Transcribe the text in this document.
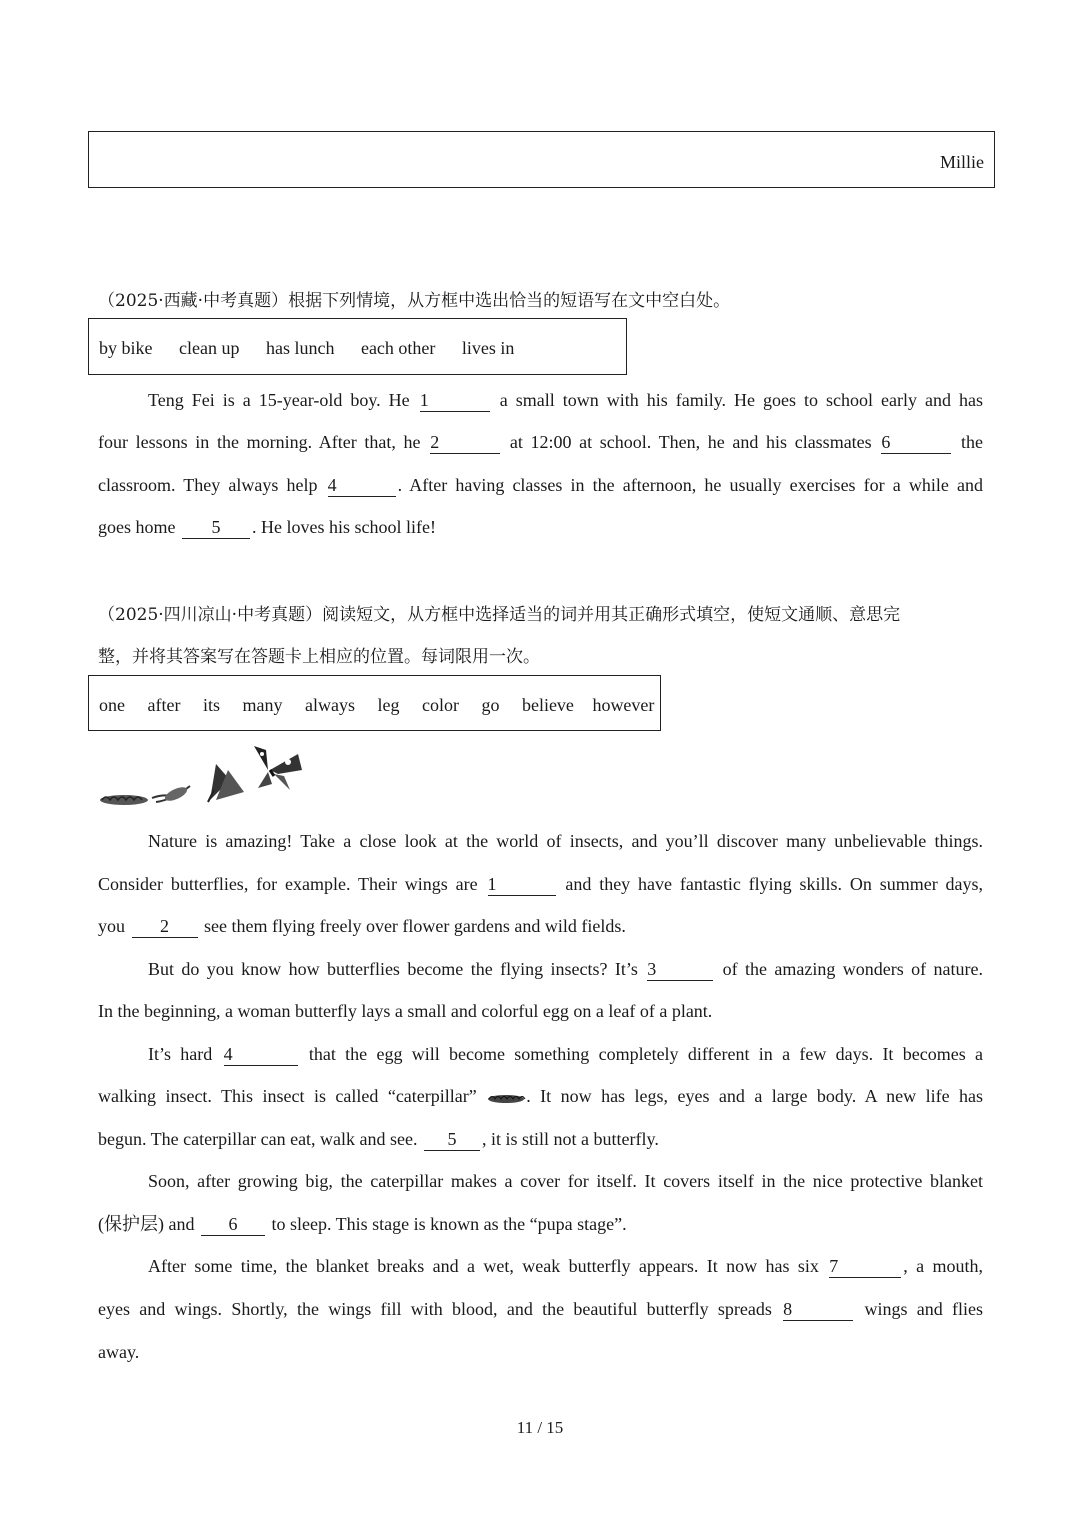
Millie
（2025·西藏·中考真题）根据下列情境，从方框中选出恰当的短语写在文中空白处。
by bike clean up has lunch each other lives in
Teng Fei is a 15-year-old boy. He 1	a small town with his family. He goes to school early and has
four lessons in the morning. After that, he 2	at 12:00 at school. Then, he and his classmates 6	the
classroom. They always help 4	. After having classes in the afternoon, he usually exercises for a while and
goes home 5 . He loves his school life!
（2025·四川凉山·中考真题）阅读短文，从方框中选择适当的词并用其正确形式填空，使短文通顺、意思完
整，并将其答案写在答题卡上相应的位置。每词限用一次。
one after its many always leg color go believe however
Nature is amazing! Take a close look at the world of insects, and you’ll discover many unbelievable things.
Consider butterflies, for example. Their wings are 1	and they have fantastic flying skills. On summer days,
you 2 see them flying freely over flower gardens and wild fields.
But do you know how butterflies become the flying insects? It’s 3	of the amazing wonders of nature.
In the beginning, a woman butterfly lays a small and colorful egg on a leaf of a plant.
It’s hard 4	that the egg will become something completely different in a few days. It becomes a
walking insect. This insect is called “caterpillar”	. It now has legs, eyes and a large body. A new life has
begun. The caterpillar can eat, walk and see. 5 , it is still not a butterfly.
Soon, after growing big, the caterpillar makes a cover for itself. It covers itself in the nice protective blanket
(保护层) and 6 to sleep. This stage is known as the “pupa stage”.
After some time, the blanket breaks and a wet, weak butterfly appears. It now has six 7	, a mouth,
eyes and wings. Shortly, the wings fill with blood, and the beautiful butterfly spreads 8	wings and flies
away.
11 / 15
